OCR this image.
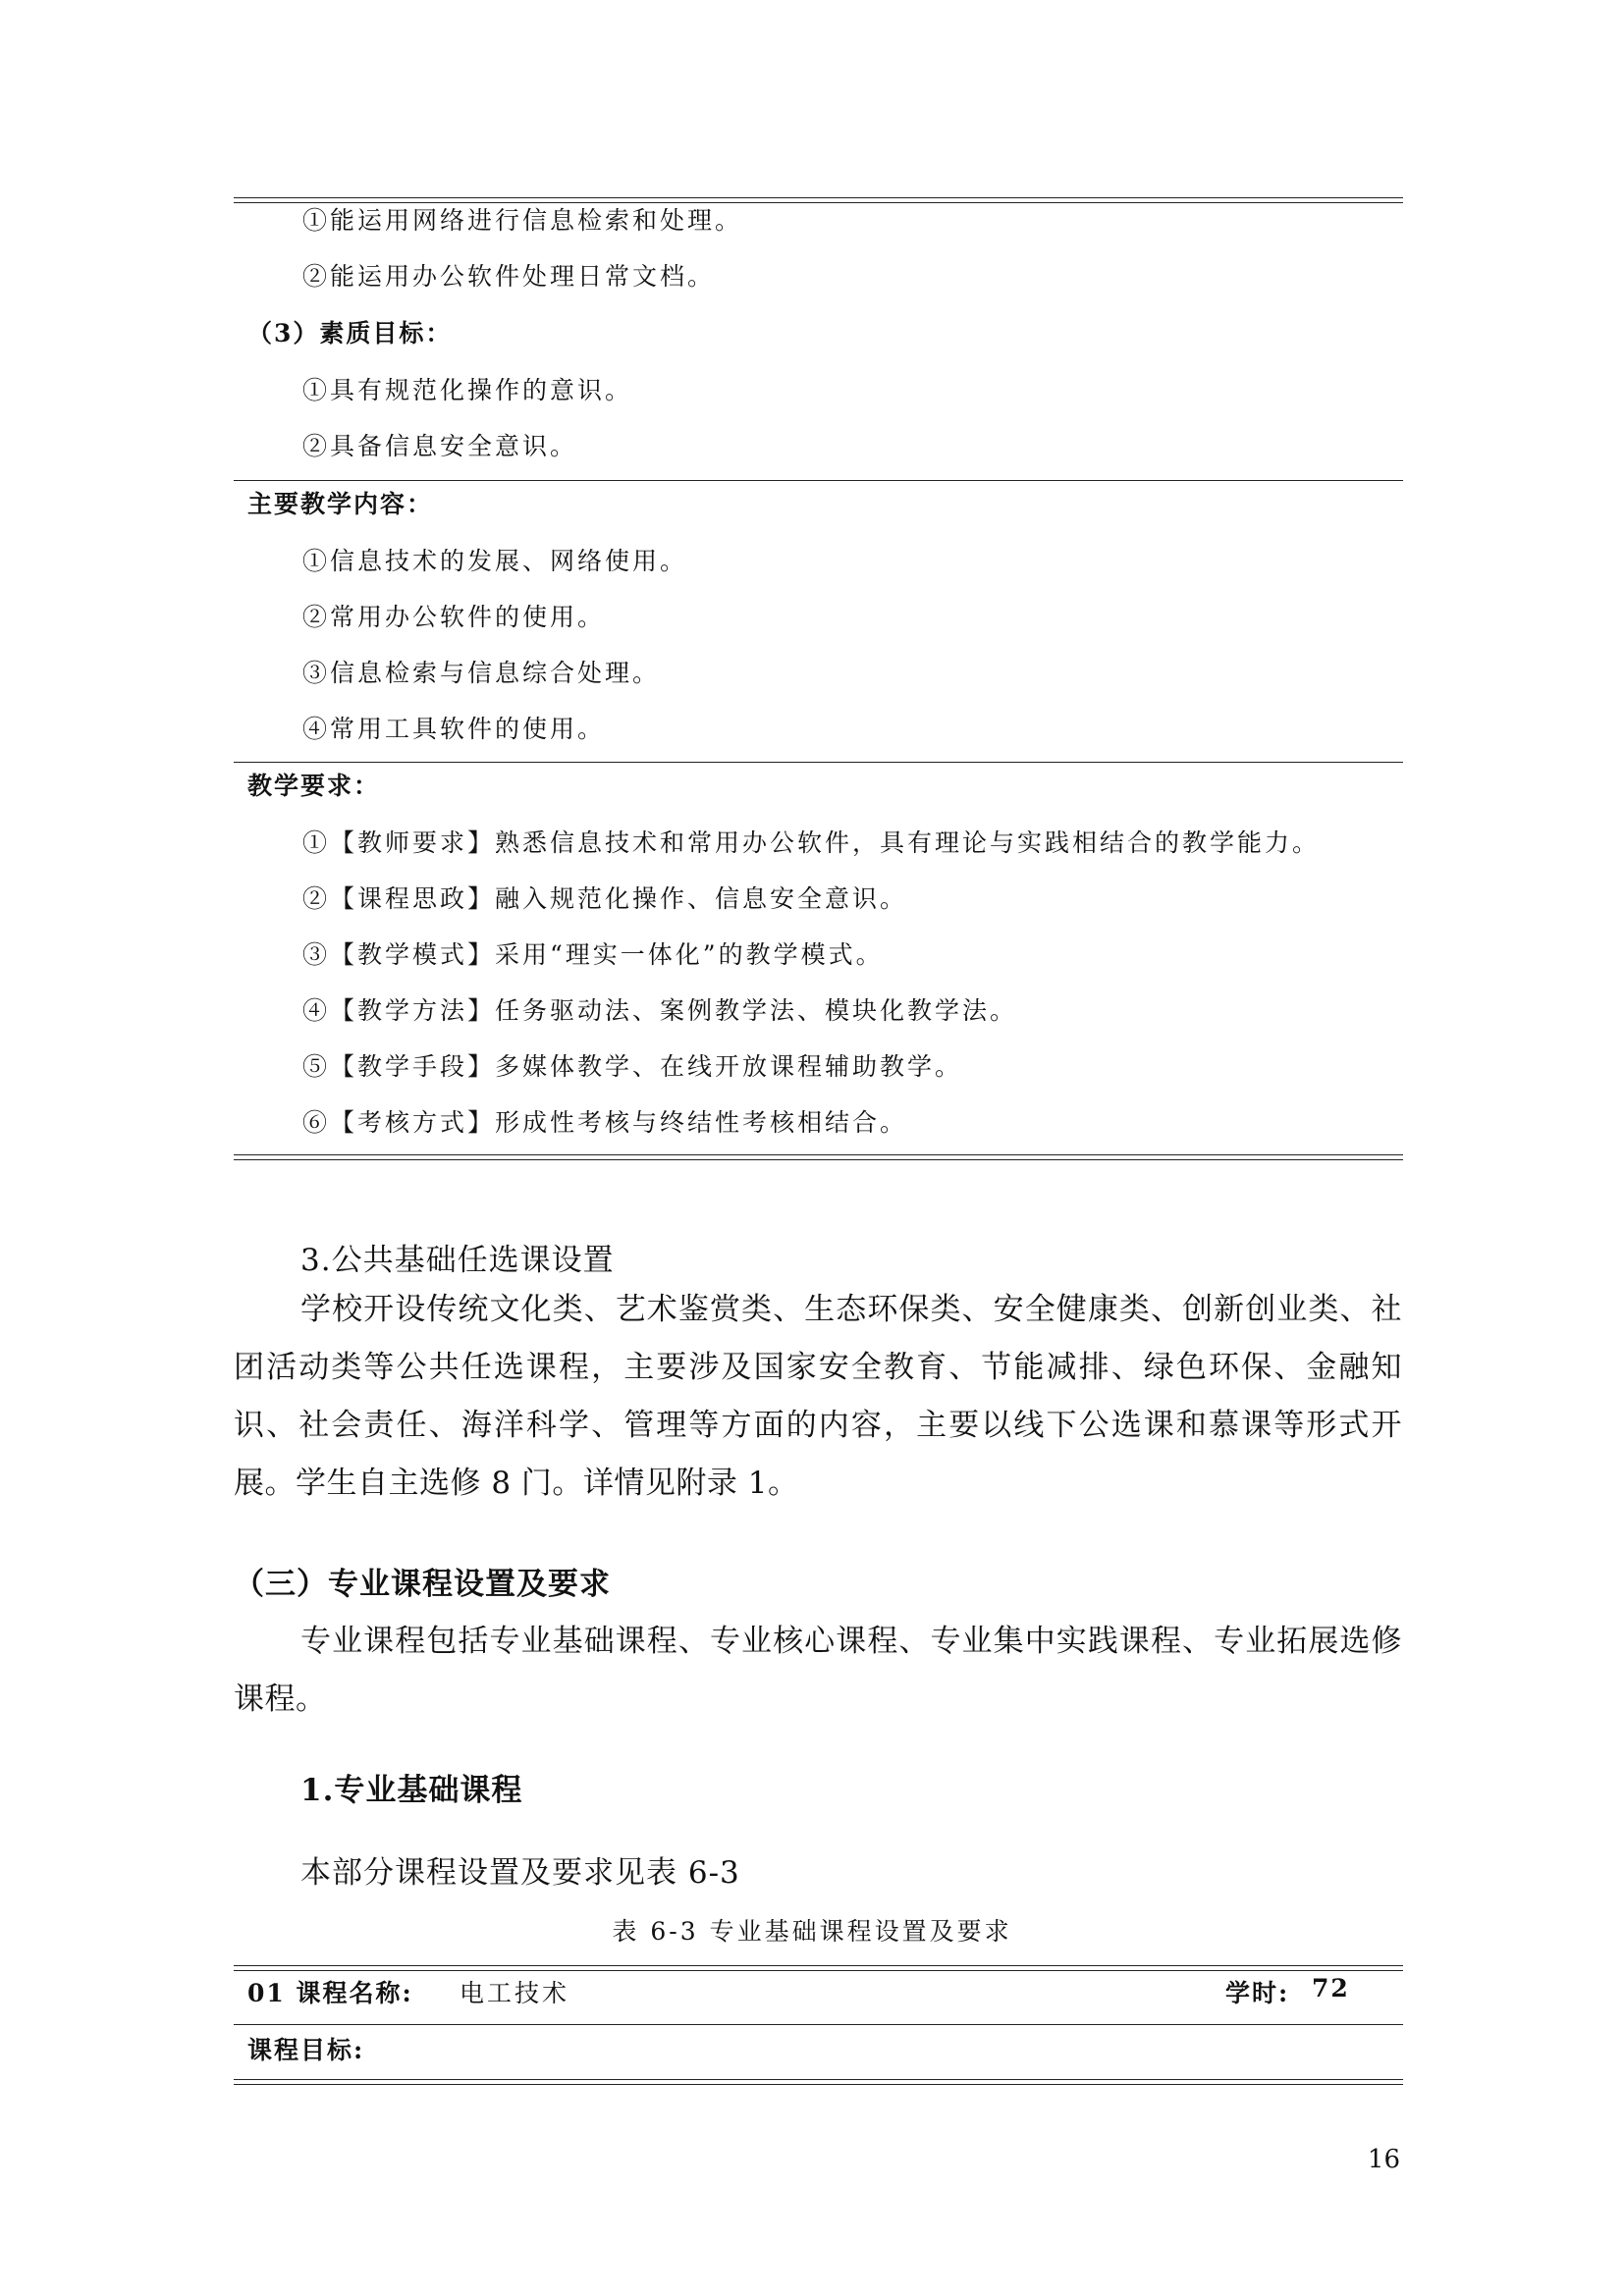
①能运用网络进行信息检索和处理。
②能运用办公软件处理日常文档。
（3）素质目标：
①具有规范化操作的意识。
②具备信息安全意识。
主要教学内容：
①信息技术的发展、网络使用。
②常用办公软件的使用。
③信息检索与信息综合处理。
④常用工具软件的使用。
教学要求：
①【教师要求】熟悉信息技术和常用办公软件，具有理论与实践相结合的教学能力。
②【课程思政】融入规范化操作、信息安全意识。
③【教学模式】采用“理实一体化”的教学模式。
④【教学方法】任务驱动法、案例教学法、模块化教学法。
⑤【教学手段】多媒体教学、在线开放课程辅助教学。
⑥【考核方式】形成性考核与终结性考核相结合。
3.公共基础任选课设置
学校开设传统文化类、艺术鉴赏类、生态环保类、安全健康类、创新创业类、社团活动类等公共任选课程，主要涉及国家安全教育、节能减排、绿色环保、金融知识、社会责任、海洋科学、管理等方面的内容，主要以线下公选课和慕课等形式开展。学生自主选修 8 门。详情见附录 1。
（三）专业课程设置及要求
专业课程包括专业基础课程、专业核心课程、专业集中实践课程、专业拓展选修课程。
1.专业基础课程
本部分课程设置及要求见表 6-3
表 6-3 专业基础课程设置及要求
01 课程名称: 电工技术	学时: 72
课程目标:
16
